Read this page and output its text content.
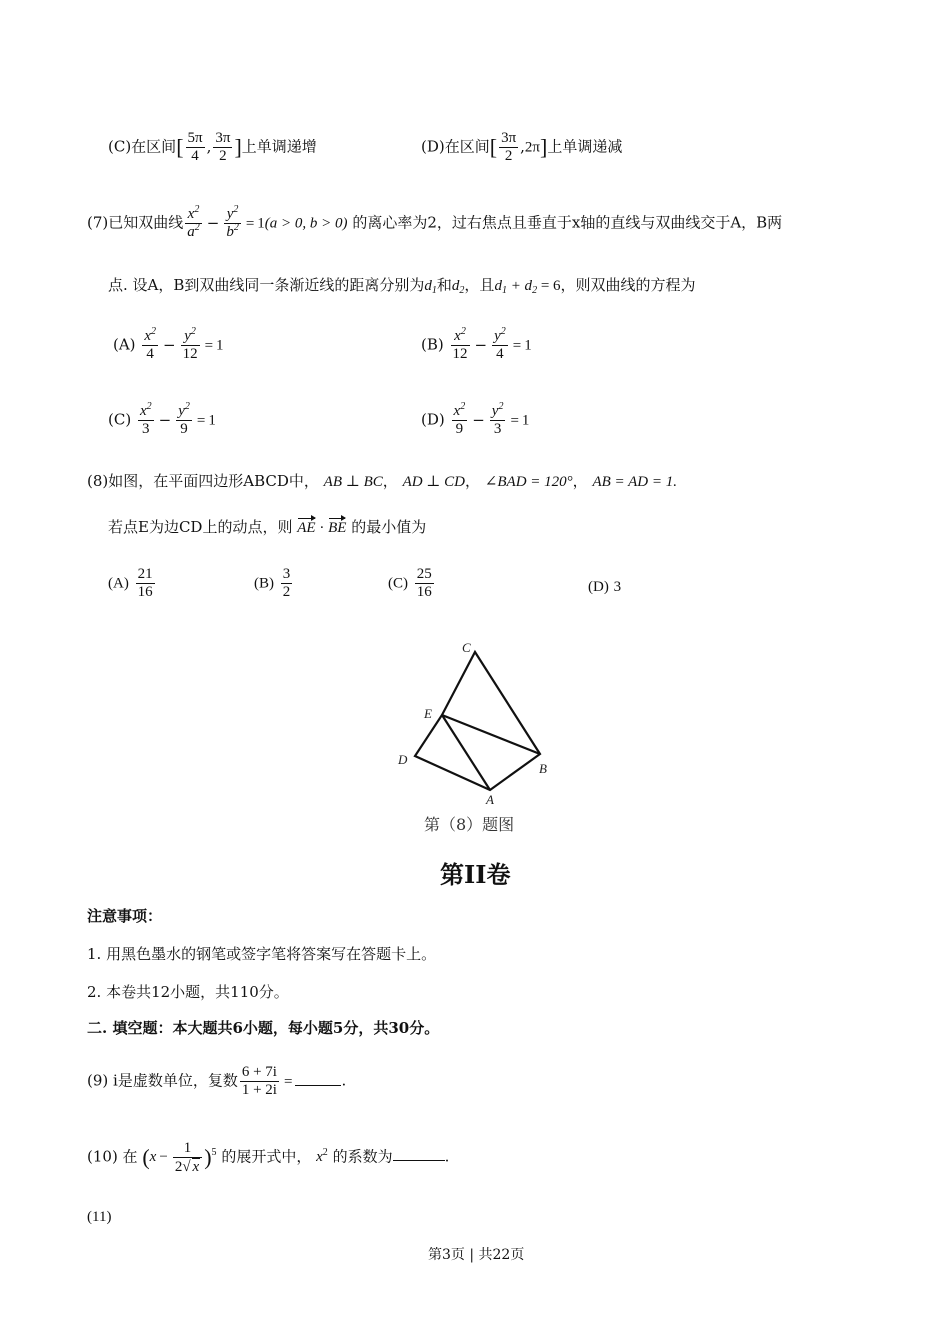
(C)在区间[ $\frac{5\pi}{4}$ , $\frac{3\pi}{2}$ ]上单调递增	(D)在区间[ $\frac{3\pi}{2} ,2\pi$]上单调递减
(7)已知双曲线 $\frac{x^2}{a^2} - \frac{y^2}{b^2} = 1(a > 0$, b > 0) 的离心率为2，过右焦点且垂直于x轴的直线与双曲线交于A，B两
点. 设A，B到双曲线同一条渐近线的距离分别为$d_1$和$d_2$，且$d_1 + d_2 = 6$，则双曲线的方程为
$(A) \frac{x^2}{4} - \frac{y^2}{12} = 1$	$(B) \frac{x^2}{12} - \frac{y^2}{4} = 1$
$(C) \frac{x^2}{3} - \frac{y^2}{9} = 1$	$(D) \frac{x^2}{9} - \frac{y^2}{3} = 1$
(8)如图，在平面四边形ABCD中， AB ⊥ BC， AD ⊥ CD， ∠BAD = 120°， AB = AD = 1.
若点E为边CD上的动点，则 AE · BE 的最小值为
$(A) \frac{21}{16}$	$(B) \frac{3}{2}$	$(C) \frac{25}{16}$	(D) 3
C
E
D
B
A
第（8）题图
第II卷
注意事项：
1. 用黑色墨水的钢笔或签字笔将答案写在答题卡上。
2. 本卷共12小题，共110分。
二. 填空题：本大题共6小题，每小题5分，共30分。
(9) i是虚数单位，复数 $\frac{6 + 7i}{1 + 2i}$ =	.
(10) 在 $(x - \frac{1}{2√ x} )^5$ 的展开式中， $x^2$ 的系数为	.
(11)
第3页 | 共22页
